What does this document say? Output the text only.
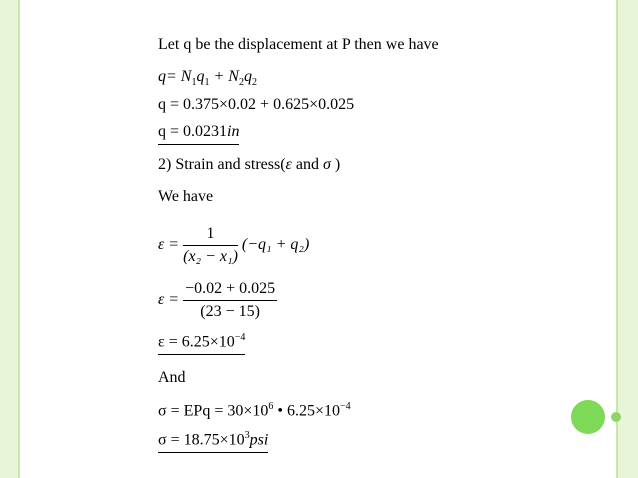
Let q be the displacement at P then we have
$q= N_1q_1 + N_2q_2$
q = 0.375×0.02 + 0.625×0.025
q = 0.0231in
2) Strain and stress(ε and σ )
We have
$\varepsilon = \frac{1}{\text{(x₂ − x₁)}} (-q_1 + q_2)$
$\varepsilon = \frac{-0.02 + 0.025}{(23 - 15)}$
$\varepsilon = 6.25\times 10^{-4}$
And
σ = EPq = $30\times 10^6$ • $6.25\times 10^{-4}$
$\sigma = 18.75\times 10^3psi$
